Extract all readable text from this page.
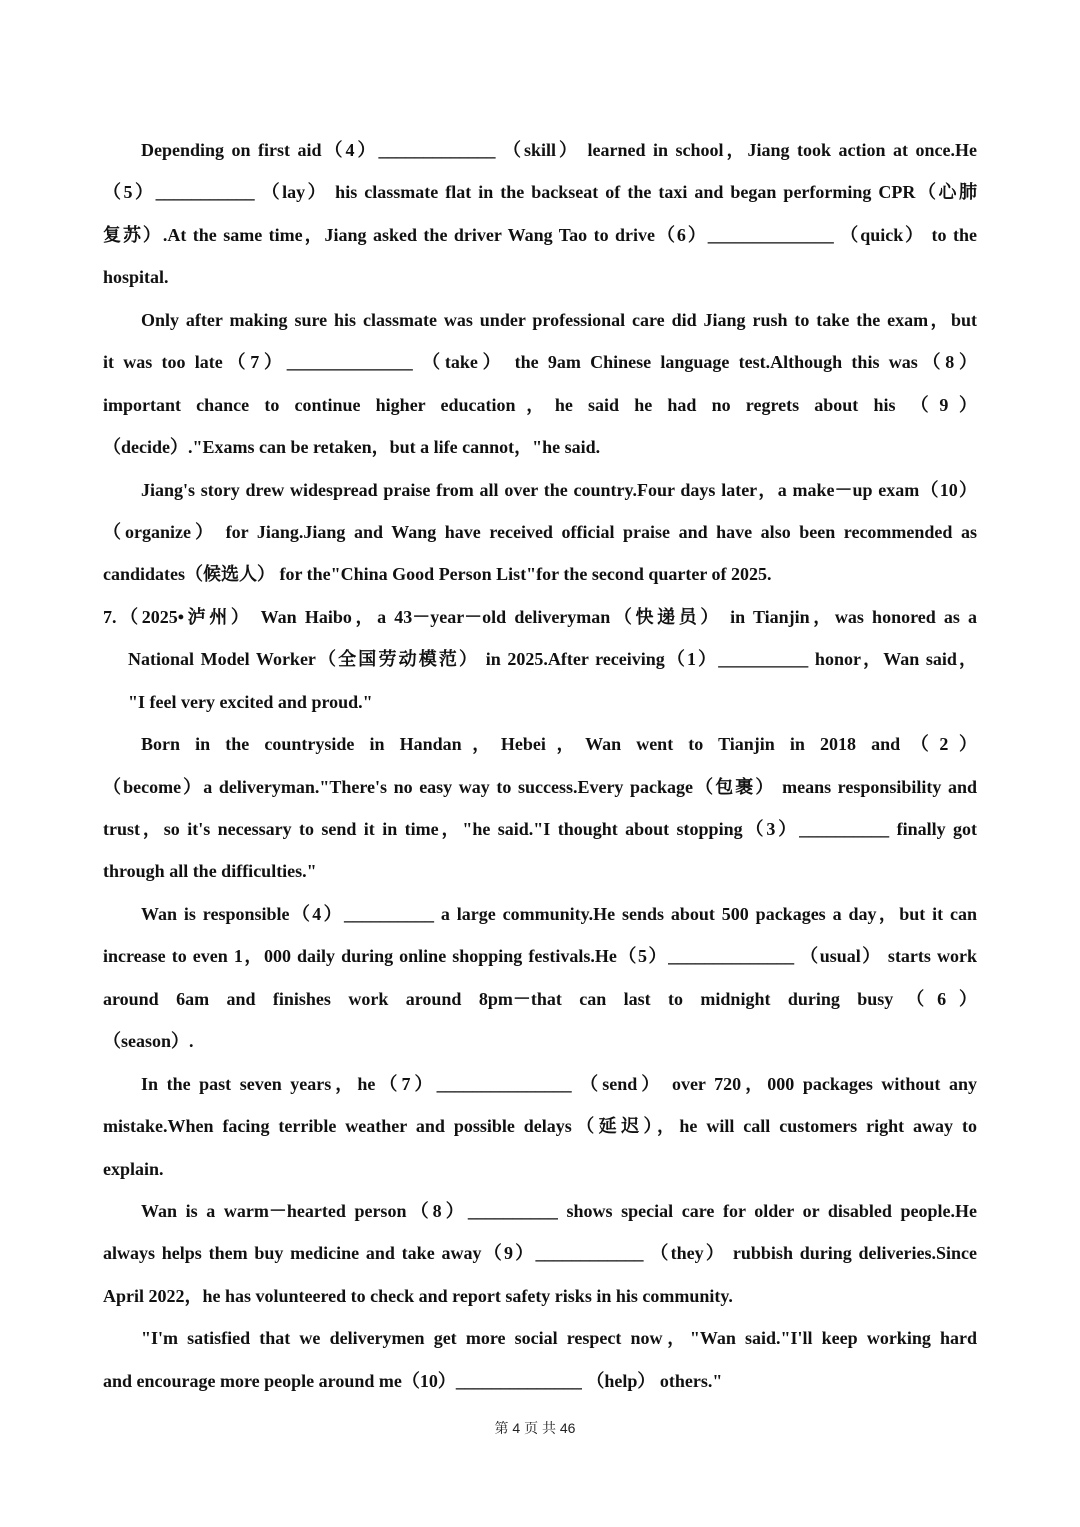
Depending on first aid（4）_____________ （skill） learned in school，Jiang took action at once.He
（5）___________ （lay） his classmate flat in the backseat of the taxi and began performing CPR（心肺
复苏）.At the same time，Jiang asked the driver Wang Tao to drive（6）______________ （quick） to the
hospital.
Only after making sure his classmate was under professional care did Jiang rush to take the exam，but
it was too late（7）______________ （take） the 9am Chinese language test.Although this was（8）
important chance to continue higher education，he said he had no regrets about his （9）
（decide）."Exams can be retaken，but a life cannot，"he said.
Jiang's story drew widespread praise from all over the country.Four days later，a make－up exam（10）
（organize） for Jiang.Jiang and Wang have received official praise and have also been recommended as
candidates（候选人） for the"China Good Person List"for the second quarter of 2025.
7.（2025•泸州） Wan Haibo，a 43－year－old deliveryman（快递员） in Tianjin，was honored as a
National Model Worker（全国劳动模范） in 2025.After receiving（1）__________ honor，Wan said，
"I feel very excited and proud."
Born in the countryside in Handan，Hebei，Wan went to Tianjin in 2018 and（2）
（become）a deliveryman."There's no easy way to success.Every package（包裹） means responsibility and
trust，so it's necessary to send it in time，"he said."I thought about stopping（3）__________ finally got
through all the difficulties."
Wan is responsible（4）__________ a large community.He sends about 500 packages a day，but it can
increase to even 1，000 daily during online shopping festivals.He（5）______________ （usual） starts work
around 6am and finishes work around 8pm－that can last to midnight during busy（6）
（season）.
In the past seven years，he（7）_______________ （send） over 720，000 packages without any
mistake.When facing terrible weather and possible delays（延迟），he will call customers right away to
explain.
Wan is a warm－hearted person（8）__________ shows special care for older or disabled people.He
always helps them buy medicine and take away（9）____________ （they） rubbish during deliveries.Since
April 2022，he has volunteered to check and report safety risks in his community.
"I'm satisfied that we deliverymen get more social respect now，"Wan said."I'll keep working hard
and encourage more people around me（10）______________ （help） others."
第 4 页 共 46
